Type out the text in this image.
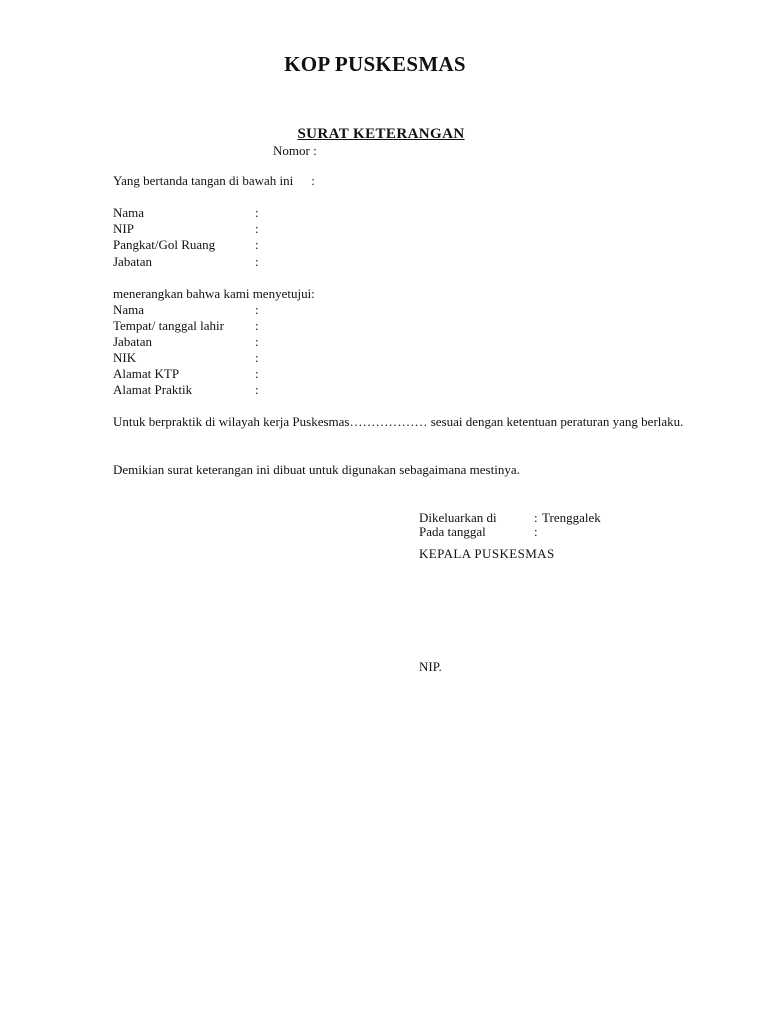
KOP PUSKESMAS
SURAT KETERANGAN
Nomor :
Yang bertanda tangan di bawah ini :
Nama	:
NIP	:
Pangkat/Gol Ruang	:
Jabatan	:
menerangkan bahwa kami menyetujui:
Nama	:
Tempat/ tanggal lahir :
Jabatan	:
NIK	:
Alamat KTP	:
Alamat Praktik	:
Untuk berpraktik di wilayah kerja Puskesmas……………… sesuai dengan ketentuan peraturan yang berlaku.
Demikian surat keterangan ini dibuat untuk digunakan sebagaimana mestinya.
Dikeluarkan di	: Trenggalek
Pada tanggal	:
KEPALA PUSKESMAS
NIP.
